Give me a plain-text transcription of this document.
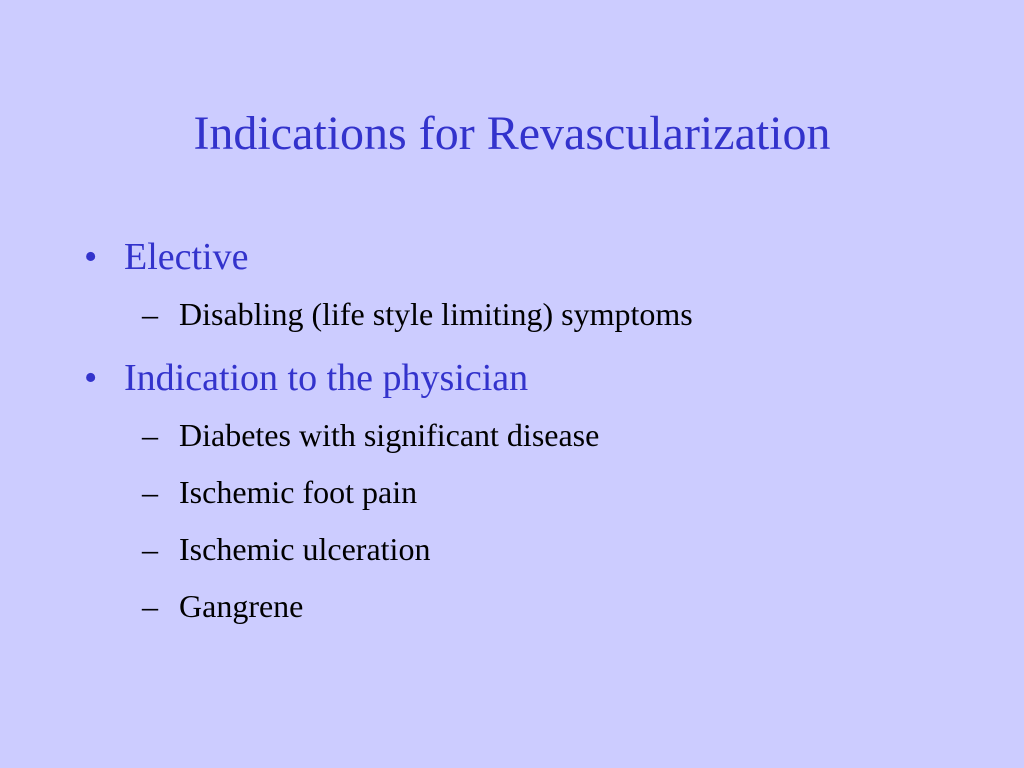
Indications for Revascularization
• Elective
– Disabling (life style limiting) symptoms
• Indication to the physician
– Diabetes with significant disease
– Ischemic foot pain
– Ischemic ulceration
– Gangrene
